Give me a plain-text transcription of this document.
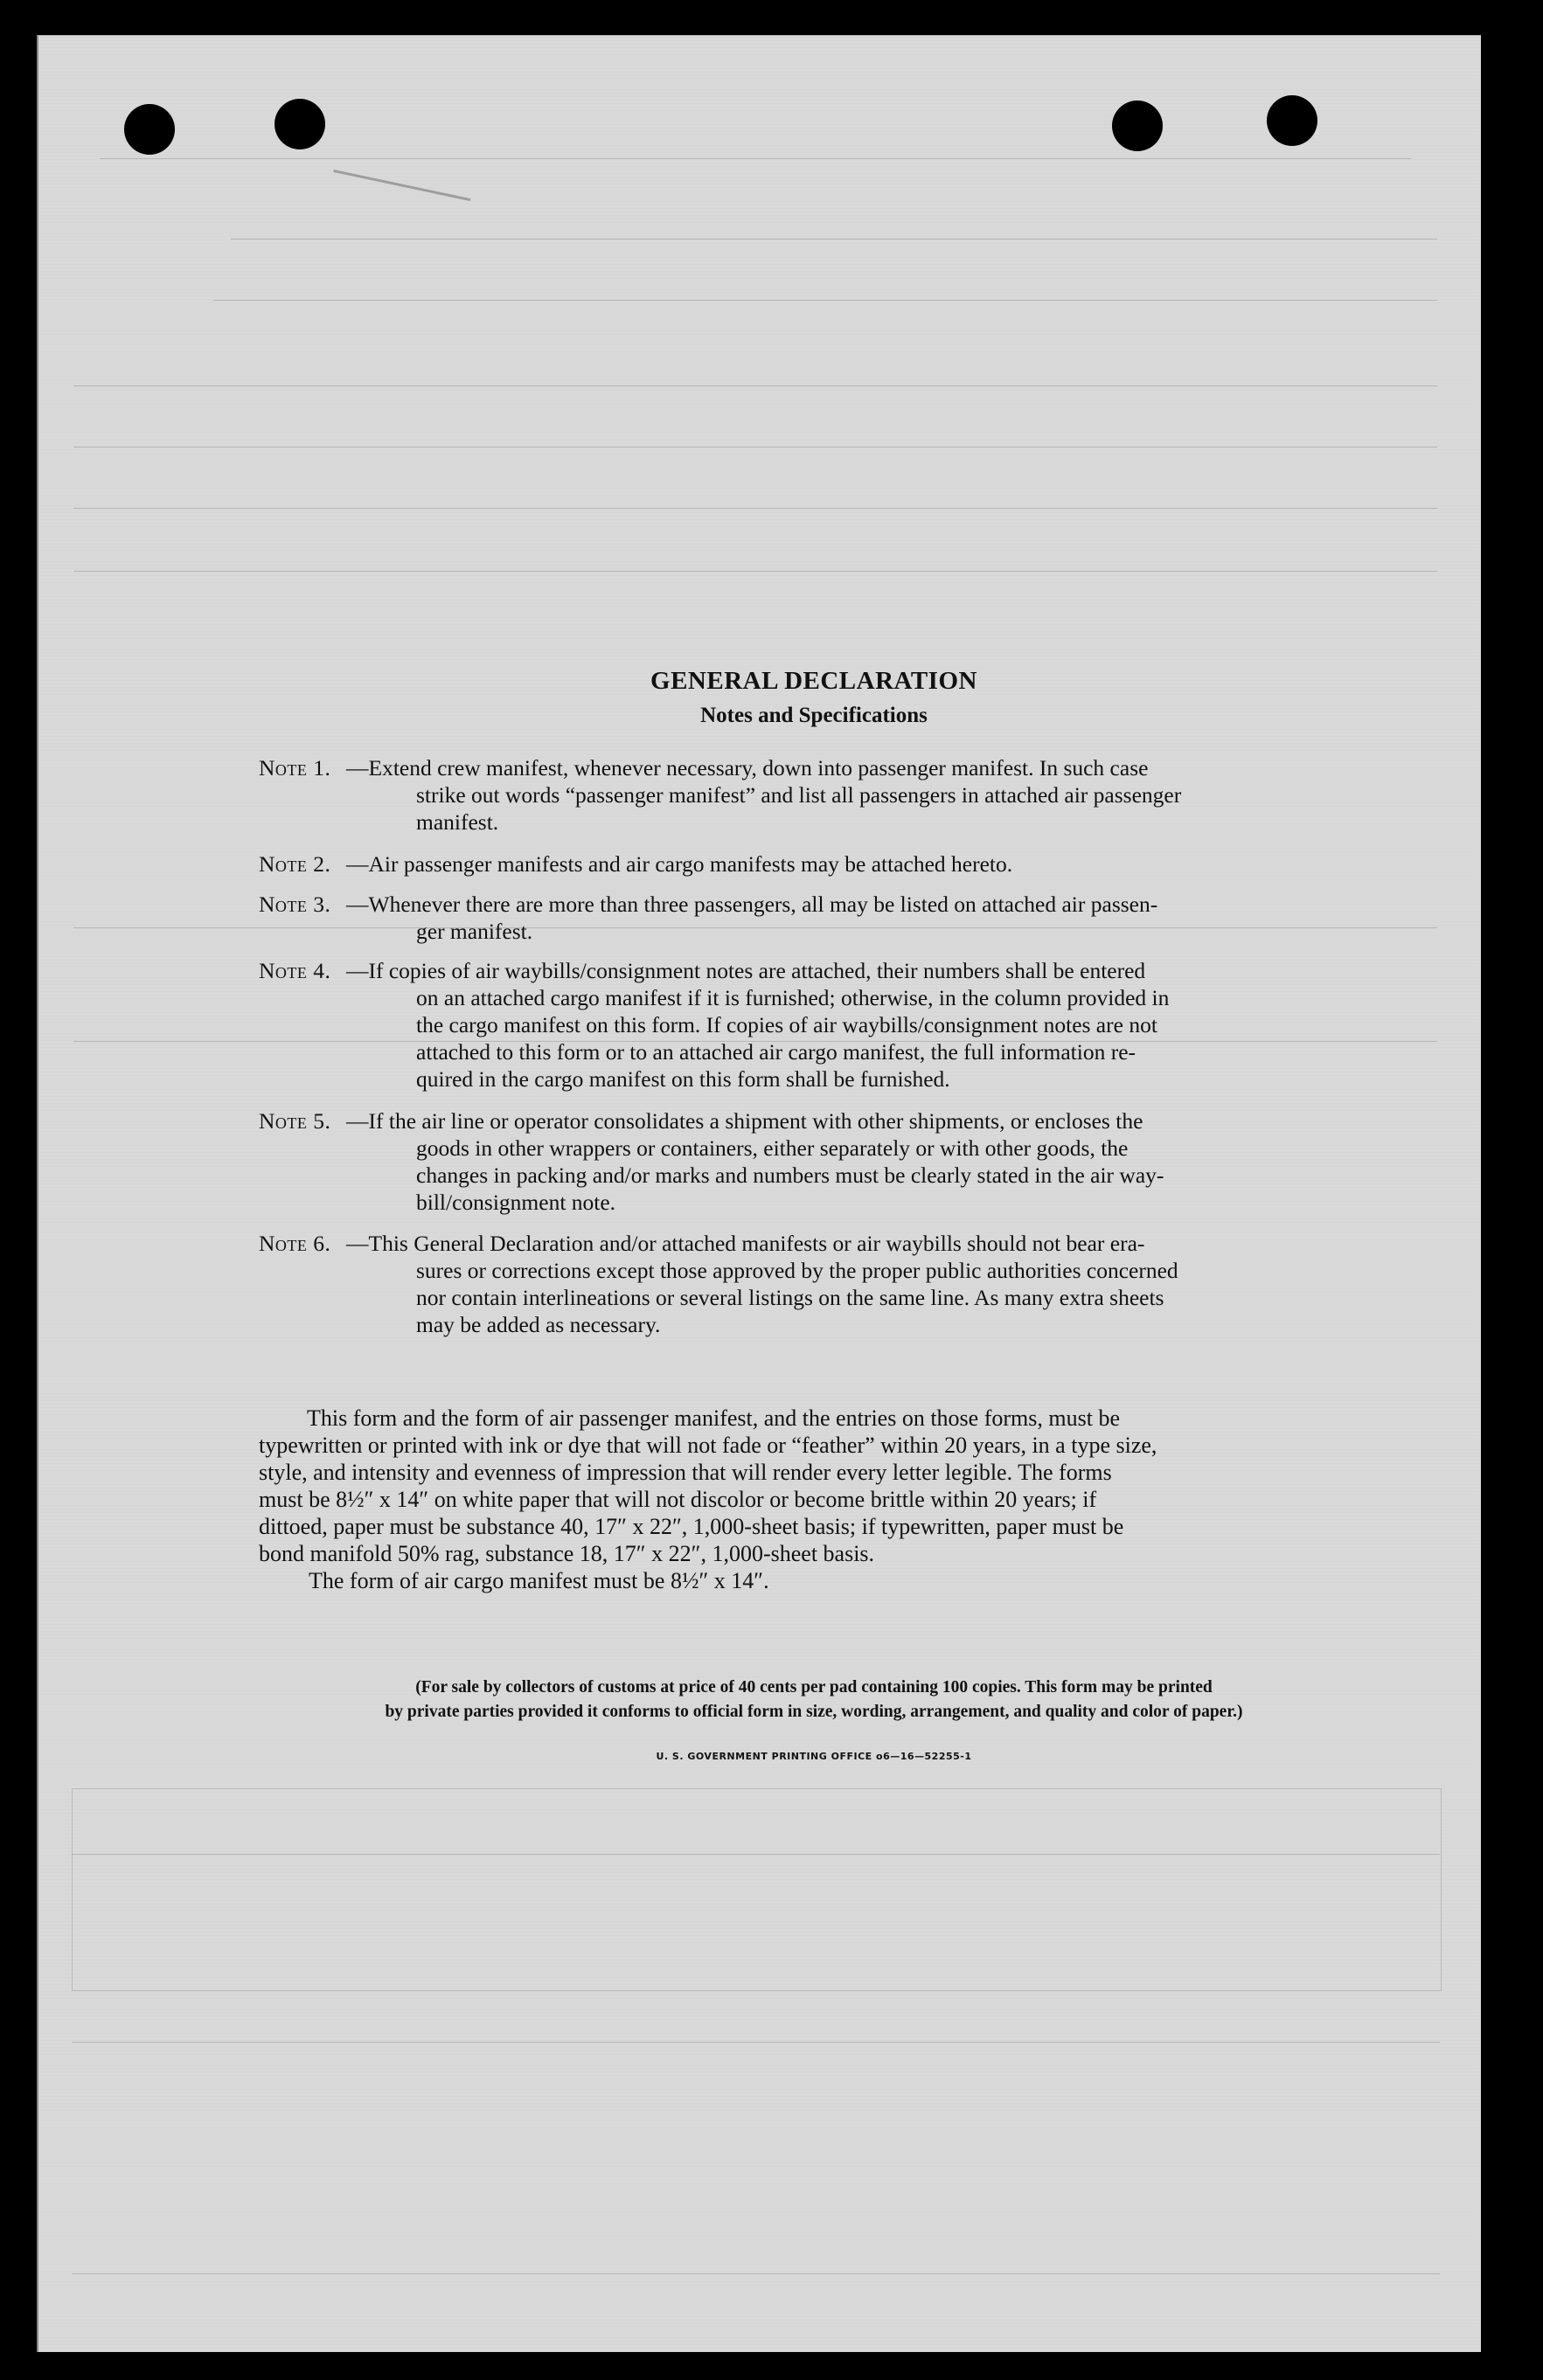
GENERAL DECLARATION
Notes and Specifications
Note 1. —Extend crew manifest, whenever necessary, down into passenger manifest. In such case

strike out words “passenger manifest” and list all passengers in attached air passenger

manifest.

Note 2. —Air passenger manifests and air cargo manifests may be attached hereto.

Note 3. —Whenever there are more than three passengers, all may be listed on attached air passen-

ger manifest.

Note 4. —If copies of air waybills/consignment notes are attached, their numbers shall be entered

on an attached cargo manifest if it is furnished; otherwise, in the column provided in

the cargo manifest on this form. If copies of air waybills/consignment notes are not

attached to this form or to an attached air cargo manifest, the full information re-

quired in the cargo manifest on this form shall be furnished.

Note 5. —If the air line or operator consolidates a shipment with other shipments, or encloses the

goods in other wrappers or containers, either separately or with other goods, the

changes in packing and/or marks and numbers must be clearly stated in the air way-

bill/consignment note.

Note 6. —This General Declaration and/or attached manifests or air waybills should not bear era-

sures or corrections except those approved by the proper public authorities concerned

nor contain interlineations or several listings on the same line. As many extra sheets

may be added as necessary.

This form and the form of air passenger manifest, and the entries on those forms, must be
typewritten or printed with ink or dye that will not fade or “feather” within 20 years, in a type size,
style, and intensity and evenness of impression that will render every letter legible. The forms
must be 8½″ x 14″ on white paper that will not discolor or become brittle within 20 years; if
dittoed, paper must be substance 40, 17″ x 22″, 1,000-sheet basis; if typewritten, paper must be
bond manifold 50% rag, substance 18, 17″ x 22″, 1,000-sheet basis.
The form of air cargo manifest must be 8½″ x 14″.
(For sale by collectors of customs at price of 40 cents per pad containing 100 copies. This form may be printed
by private parties provided it conforms to official form in size, wording, arrangement, and quality and color of paper.)
U. S. GOVERNMENT PRINTING OFFICE o6—16—52255-1
